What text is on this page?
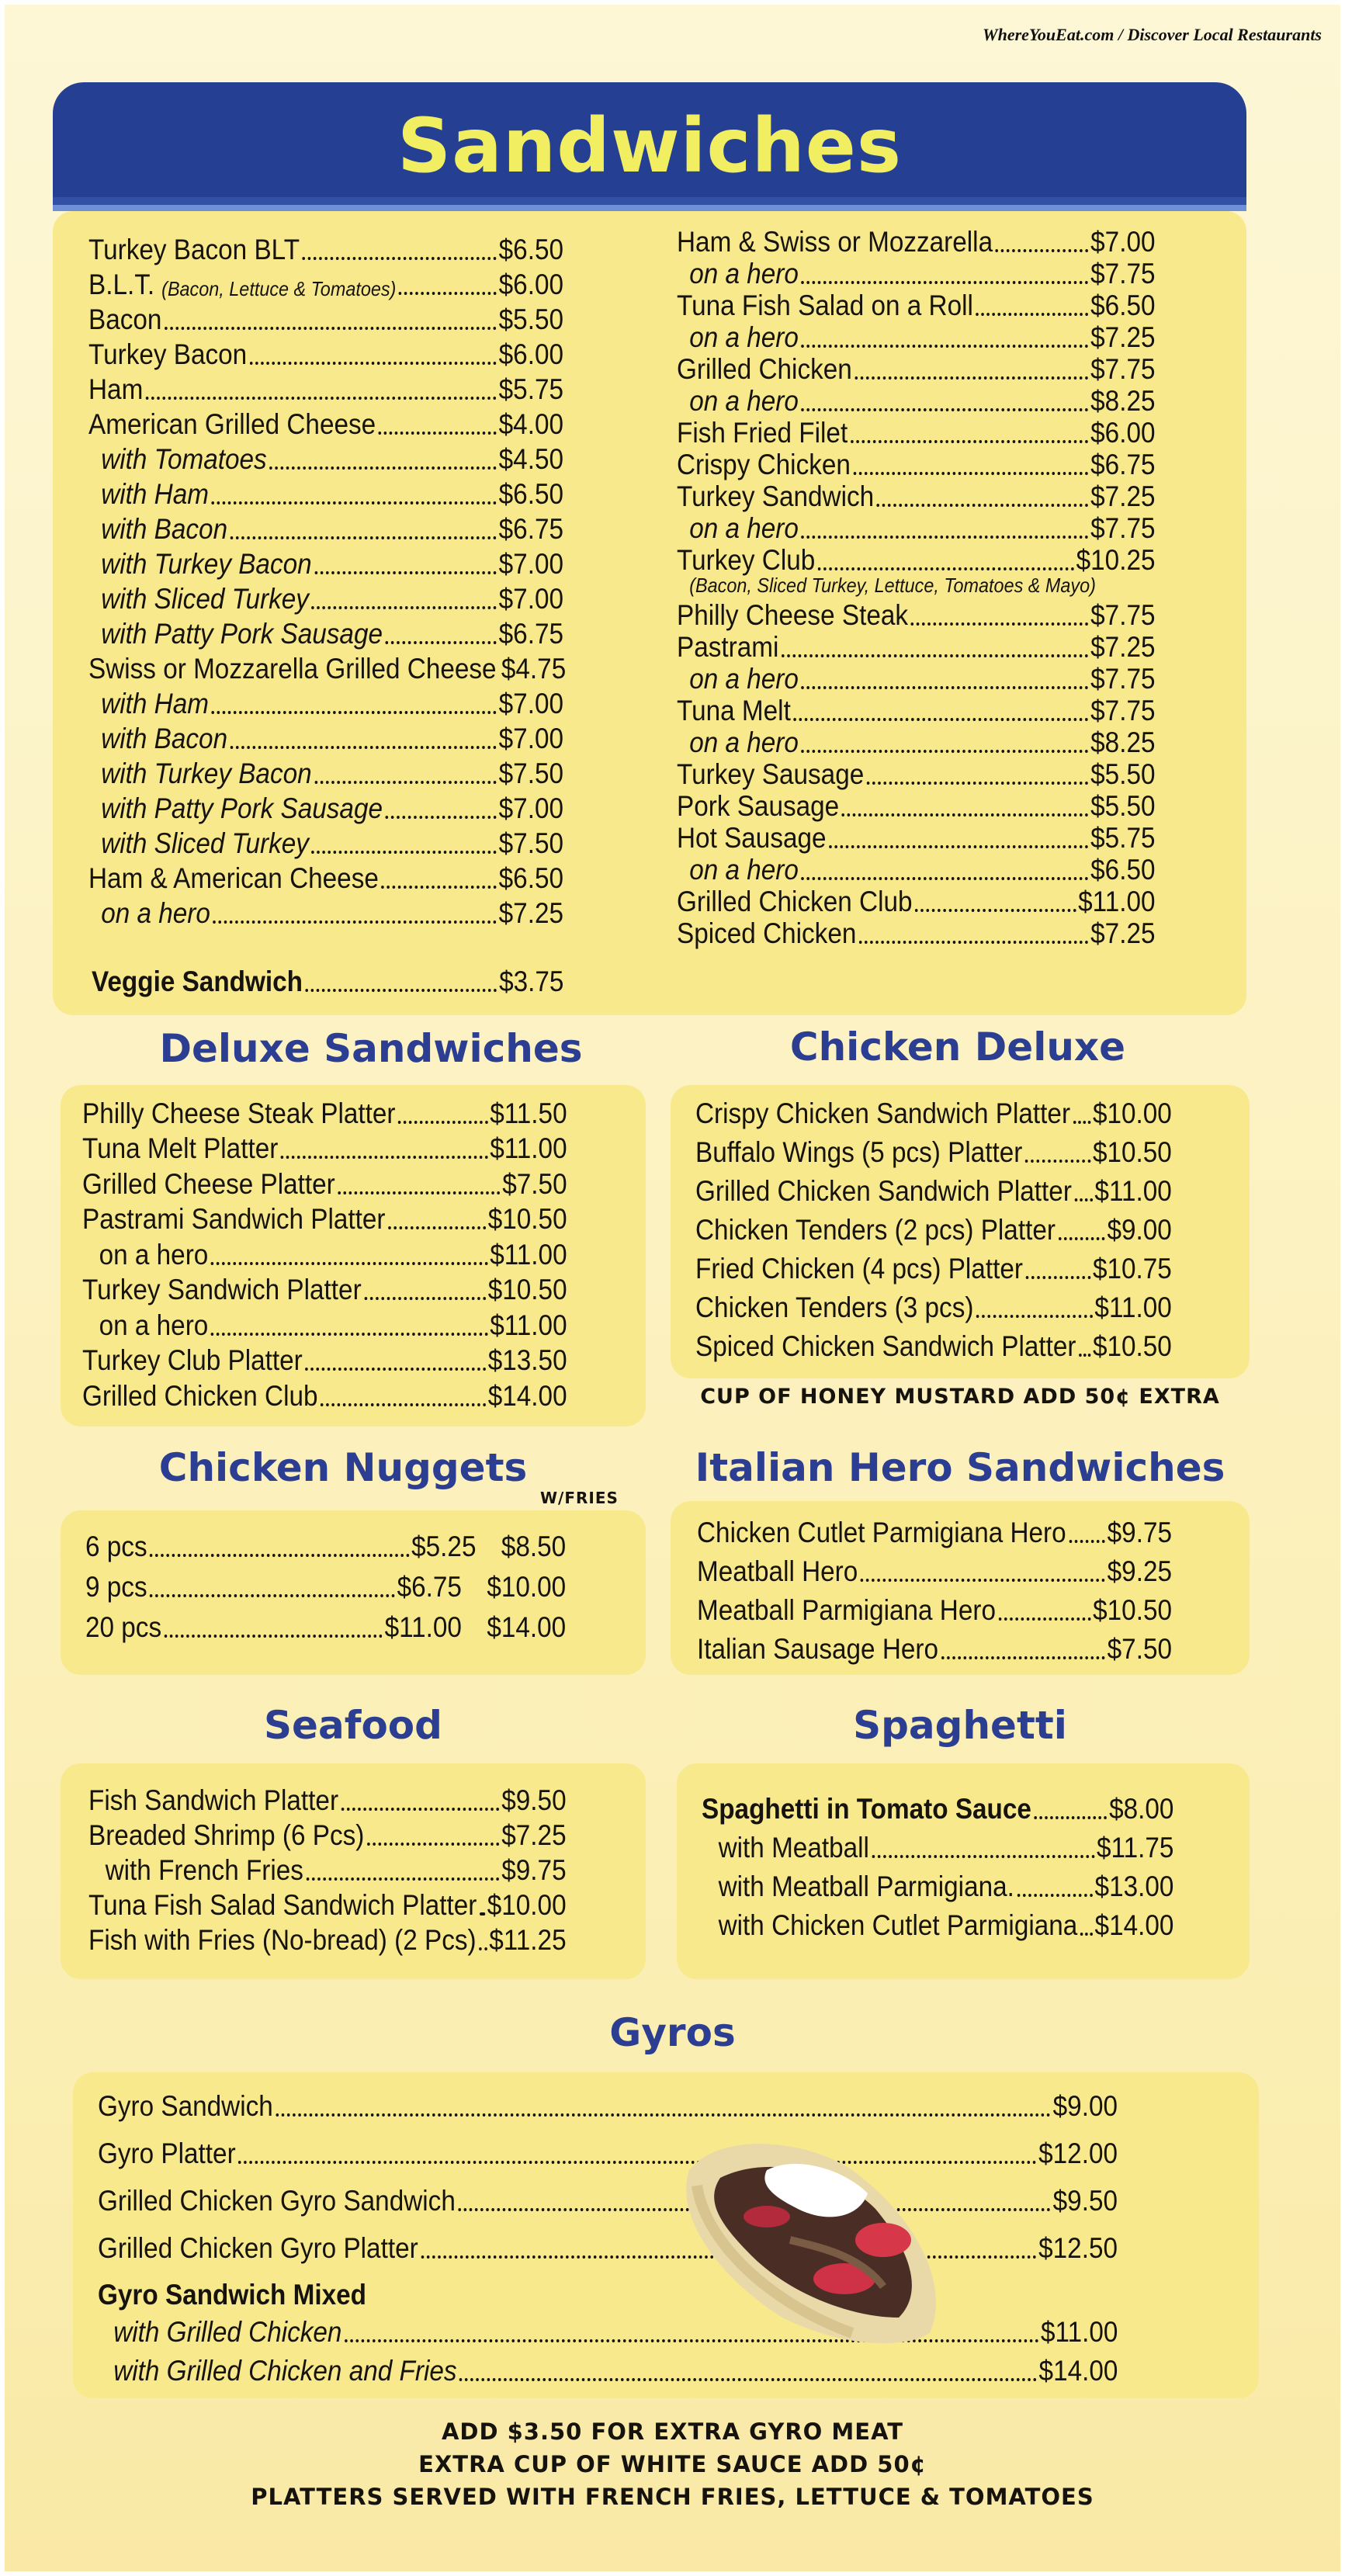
WhereYouEat.com / Discover Local Restaurants
Sandwiches
Turkey Bacon BLT	$6.50
B.L.T. (Bacon, Lettuce & Tomatoes)	$6.00
Bacon	$5.50
Turkey Bacon	$6.00
Ham	$5.75
American Grilled Cheese	$4.00
with Tomatoes	$4.50
with Ham	$6.50
with Bacon	$6.75
with Turkey Bacon	$7.00
with Sliced Turkey	$7.00
with Patty Pork Sausage	$6.75
Swiss or Mozzarella Grilled Cheese $4.75
with Ham	$7.00
with Bacon	$7.00
with Turkey Bacon	$7.50
with Patty Pork Sausage	$7.00
with Sliced Turkey	$7.50
Ham & American Cheese	$6.50
on a hero	$7.25
Veggie Sandwich	$3.75
Ham & Swiss or Mozzarella	$7.00
on a hero	$7.75
Tuna Fish Salad on a Roll	$6.50
on a hero	$7.25
Grilled Chicken	$7.75
on a hero	$8.25
Fish Fried Filet	$6.00
Crispy Chicken	$6.75
Turkey Sandwich	$7.25
on a hero	$7.75
Turkey Club	$10.25
(Bacon, Sliced Turkey, Lettuce, Tomatoes & Mayo)
Philly Cheese Steak	$7.75
Pastrami	$7.25
on a hero	$7.75
Tuna Melt	$7.75
on a hero	$8.25
Turkey Sausage	$5.50
Pork Sausage	$5.50
Hot Sausage	$5.75
on a hero	$6.50
Grilled Chicken Club	$11.00
Spiced Chicken	$7.25
Deluxe Sandwiches
Philly Cheese Steak Platter	$11.50
Tuna Melt Platter	$11.00
Grilled Cheese Platter	$7.50
Pastrami Sandwich Platter	$10.50
on a hero	$11.00
Turkey Sandwich Platter	$10.50
on a hero	$11.00
Turkey Club Platter	$13.50
Grilled Chicken Club	$14.00
Chicken Deluxe
Crispy Chicken Sandwich Platter $10.00
Buffalo Wings (5 pcs) Platter $10.50
Grilled Chicken Sandwich Platter $11.00
Chicken Tenders (2 pcs) Platter $9.00
Fried Chicken (4 pcs) Platter $10.75
Chicken Tenders (3 pcs)	$11.00
Spiced Chicken Sandwich Platter $10.50
CUP OF HONEY MUSTARD ADD 50¢ EXTRA
Chicken Nuggets
W/FRIES
6 pcs	$5.25 $8.50
9 pcs	$6.75 $10.00
20 pcs	$11.00 $14.00
Italian Hero Sandwiches
Chicken Cutlet Parmigiana Hero $9.75
Meatball Hero	$9.25
Meatball Parmigiana Hero	$10.50
Italian Sausage Hero	$7.50
Seafood
Fish Sandwich Platter	$9.50
Breaded Shrimp (6 Pcs)	$7.25
with French Fries	$9.75
Tuna Fish Salad Sandwich Platter $10.00
Fish with Fries (No-bread) (2 Pcs) $11.25
Spaghetti
Spaghetti in Tomato Sauce	$8.00
with Meatball	$11.75
with Meatball Parmigiana.	$13.00
with Chicken Cutlet Parmigiana $14.00
Gyros
Gyro Sandwich	$9.00
Gyro Platter	$12.00
Grilled Chicken Gyro Sandwich	$9.50
Grilled Chicken Gyro Platter	$12.50
Gyro Sandwich Mixed
with Grilled Chicken	$11.00
with Grilled Chicken and Fries	$14.00
ADD $3.50 FOR EXTRA GYRO MEAT
EXTRA CUP OF WHITE SAUCE ADD 50¢
PLATTERS SERVED WITH FRENCH FRIES, LETTUCE & TOMATOES
